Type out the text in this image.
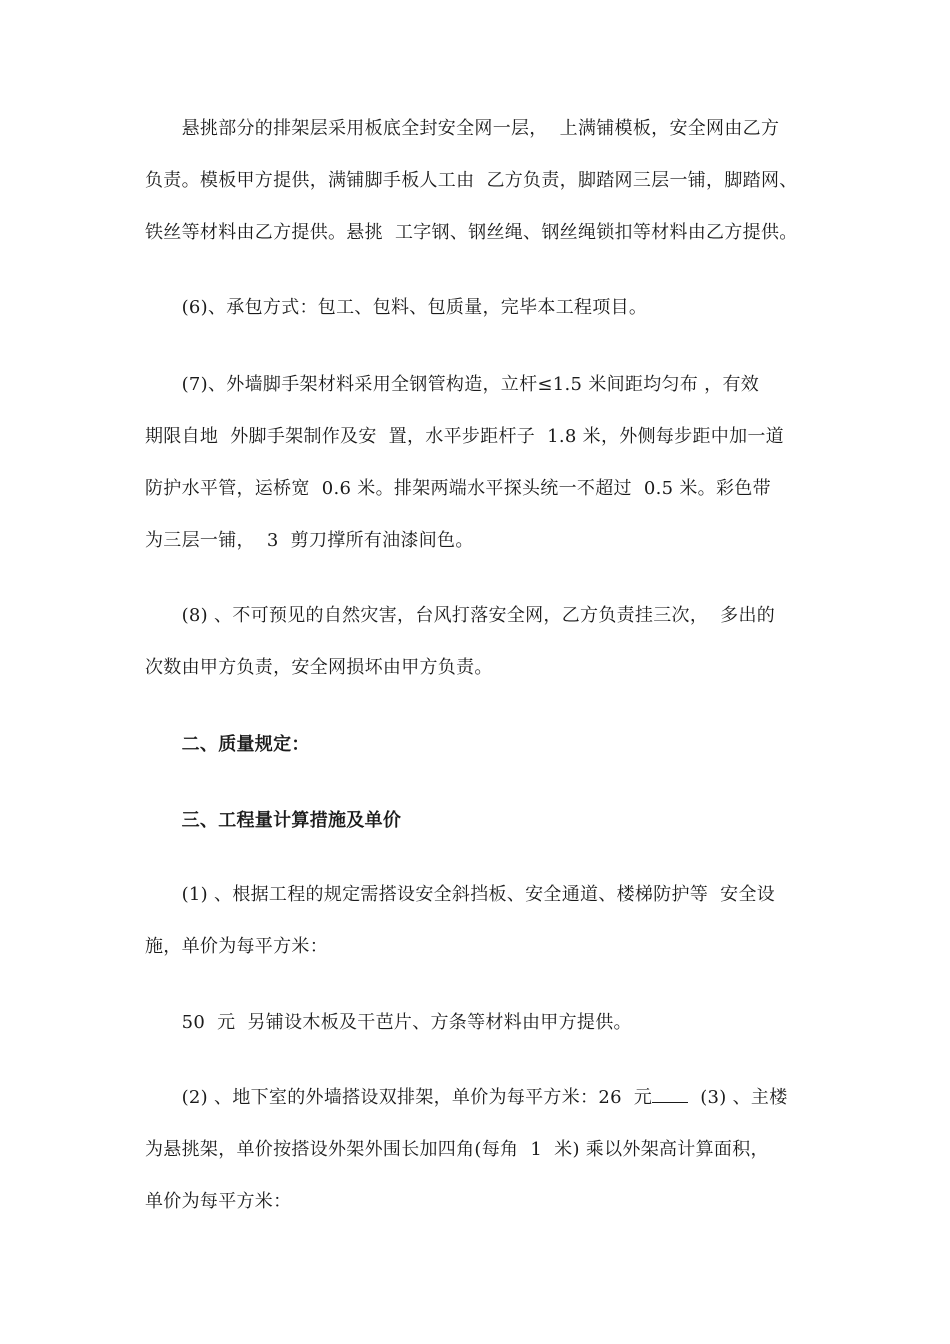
　　悬挑部分的排架层采用板底全封安全网一层，  上满铺模板，安全网由乙方
负责。模板甲方提供，满铺脚手板人工由  乙方负责，脚踏网三层一铺，脚踏网、
铁丝等材料由乙方提供。悬挑  工字钢、钢丝绳、钢丝绳锁扣等材料由乙方提供。
　　(6)、承包方式：包工、包料、包质量，完毕本工程项目。
　　(7)、外墙脚手架材料采用全钢管构造，立杆≤1.5 米间距均匀布 ，有效
期限自地  外脚手架制作及安  置，水平步距杆子  1.8 米，外侧每步距中加一道
防护水平管，运桥宽  0.6 米。排架两端水平探头统一不超过  0.5 米。彩色带
为三层一铺，  3  剪刀撑所有油漆间色。
　　(8) 、不可预见的自然灾害，台风打落安全网，乙方负责挂三次，  多出的
次数由甲方负责，安全网损坏由甲方负责。
　　二、质量规定：
　　三、工程量计算措施及单价
　　(1) 、根据工程的规定需搭设安全斜挡板、安全通道、楼梯防护等  安全设
施，单价为每平方米：
　　50  元  另铺设木板及干芭片、方条等材料由甲方提供。
　　(2) 、地下室的外墙搭设双排架，单价为每平方米：26  元  (3) 、主楼
为悬挑架，单价按搭设外架外围长加四角(每角  1  米) 乘以外架高计算面积，
单价为每平方米：
